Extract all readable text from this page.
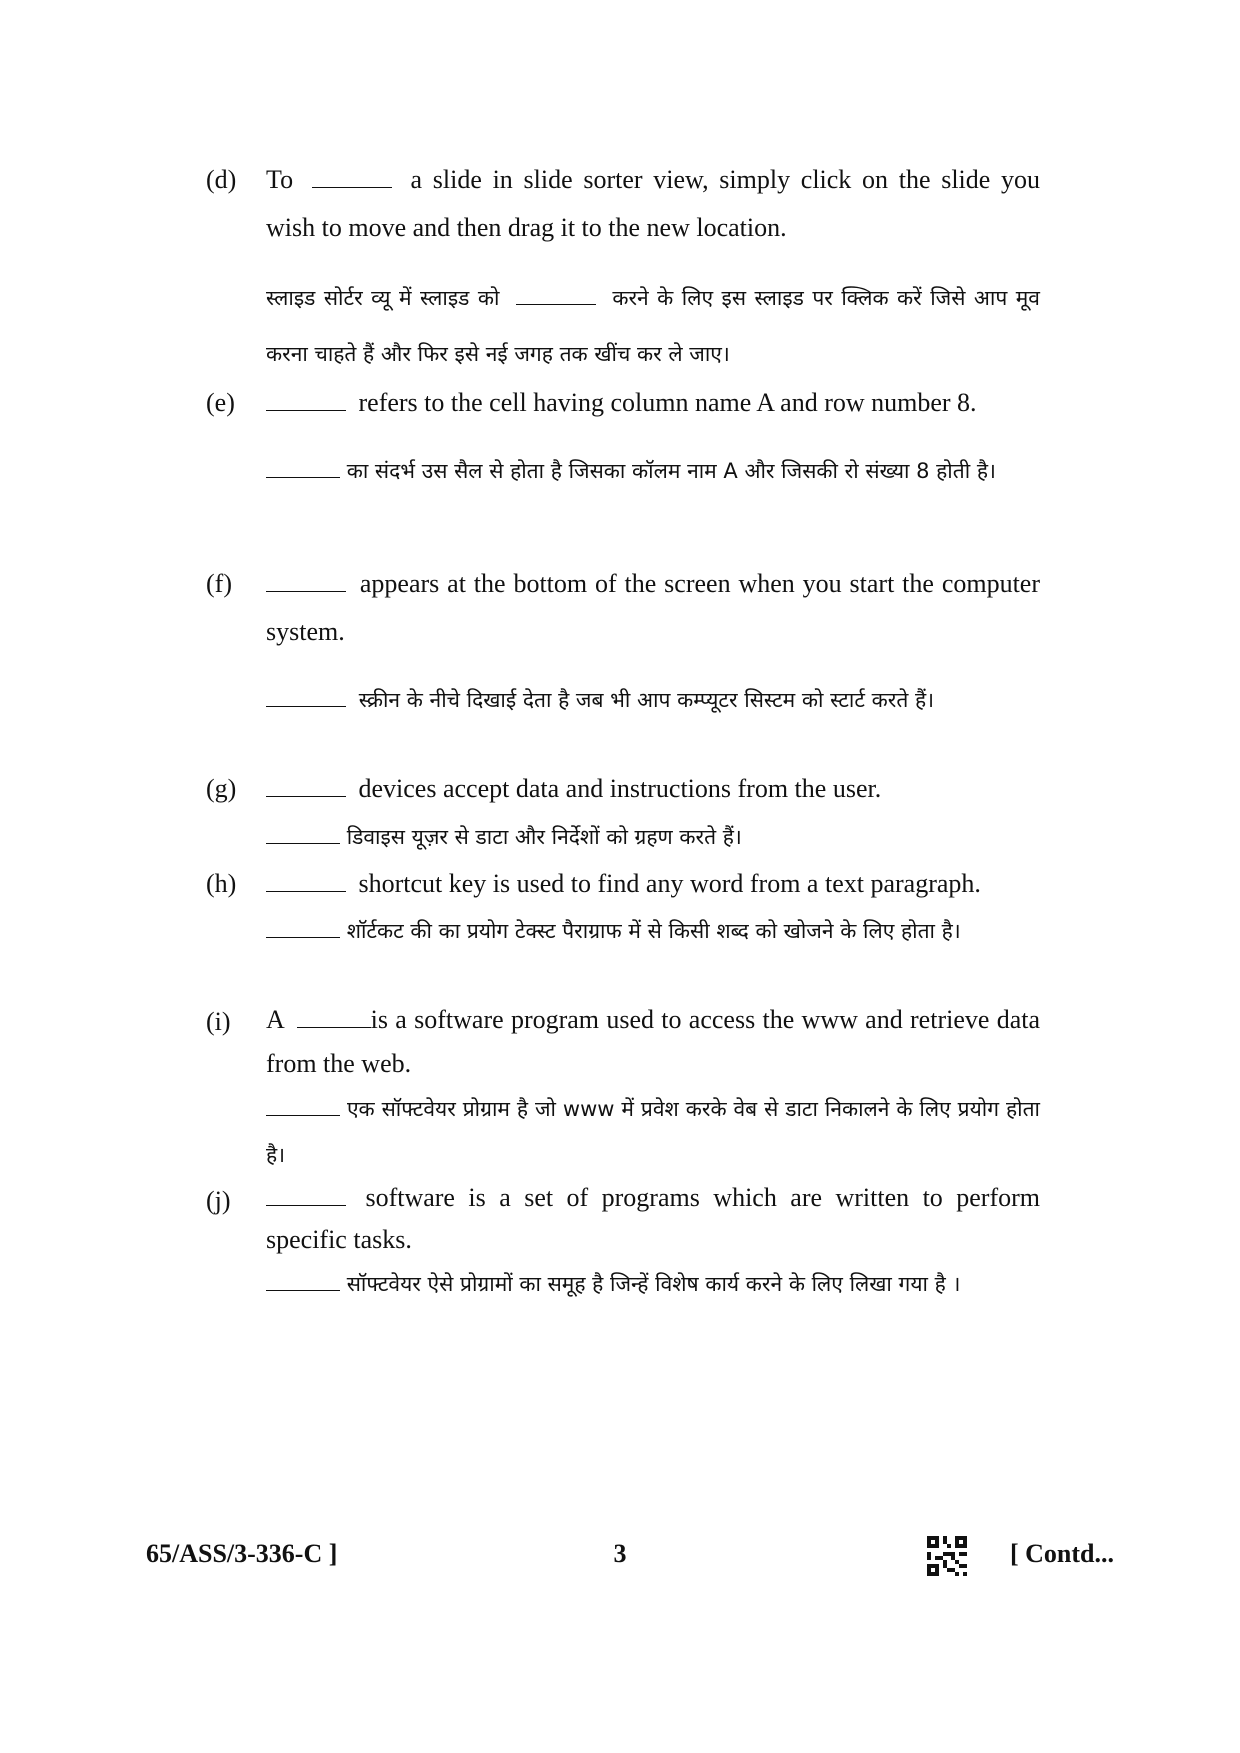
(d) To	a slide in slide sorter view, simply click on the slide you wish to move and then drag it to the new location.
स्लाइड सोर्टर व्यू में स्लाइड को	करने के लिए इस स्लाइड पर क्लिक करें जिसे आप मूव करना चाहते हैं और फिर इसे नई जगह तक खींच कर ले जाए।
(e)	refers to the cell having column name A and row number 8.
का संदर्भ उस सैल से होता है जिसका कॉलम नाम A और जिसकी रो संख्या 8 होती है।
(f)	appears at the bottom of the screen when you start the computer system.
स्क्रीन के नीचे दिखाई देता है जब भी आप कम्प्यूटर सिस्टम को स्टार्ट करते हैं।
(g)	devices accept data and instructions from the user.
डिवाइस यूज़र से डाटा और निर्देशों को ग्रहण करते हैं।
(h)	shortcut key is used to find any word from a text paragraph.
शॉर्टकट की का प्रयोग टेक्स्ट पैराग्राफ में से किसी शब्द को खोजने के लिए होता है।
(i) A	is a software program used to access the www and retrieve data from the web.
एक सॉफ्टवेयर प्रोग्राम है जो www में प्रवेश करके वेब से डाटा निकालने के लिए प्रयोग होता है।
(j)	software is a set of programs which are written to perform specific tasks.
सॉफ्टवेयर ऐसे प्रोग्रामों का समूह है जिन्हें विशेष कार्य करने के लिए लिखा गया है ।
65/ASS/3-336-C ]	3	[ Contd...
